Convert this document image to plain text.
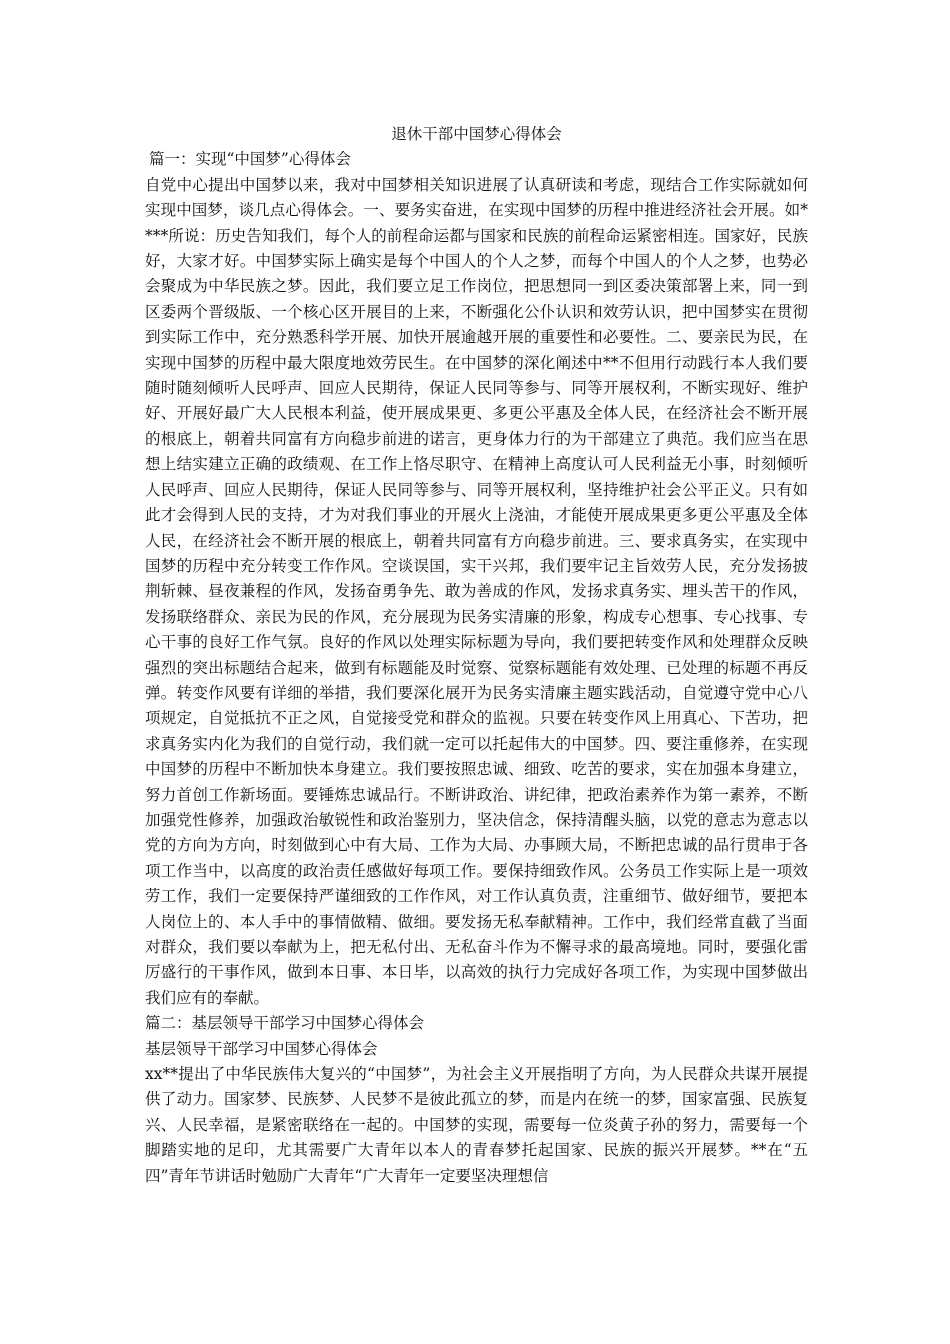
退休干部中国梦心得体会
篇一：实现“中国梦”心得体会

自党中心提出中国梦以来，我对中国梦相关知识进展了认真研读和考虑，现结合工作实际就如何实现中国梦，谈几点心得体会。一、要务实奋进，在实现中国梦的历程中推进经济社会开展。如****所说：历史告知我们，每个人的前程命运都与国家和民族的前程命运紧密相连。国家好，民族好，大家才好。中国梦实际上确实是每个中国人的个人之梦，而每个中国人的个人之梦，也势必会聚成为中华民族之梦。因此，我们要立足工作岗位，把思想同一到区委决策部署上来，同一到区委两个晋级版、一个核心区开展目的上来，不断强化公仆认识和效劳认识，把中国梦实在贯彻到实际工作中，充分熟悉科学开展、加快开展逾越开展的重要性和必要性。二、要亲民为民，在实现中国梦的历程中最大限度地效劳民生。在中国梦的深化阐述中**不但用行动践行本人我们要随时随刻倾听人民呼声、回应人民期待，保证人民同等参与、同等开展权利，不断实现好、维护好、开展好最广大人民根本利益，使开展成果更、多更公平惠及全体人民，在经济社会不断开展的根底上，朝着共同富有方向稳步前进的诺言，更身体力行的为干部建立了典范。我们应当在思想上结实建立正确的政绩观、在工作上恪尽职守、在精神上高度认可人民利益无小事，时刻倾听人民呼声、回应人民期待，保证人民同等参与、同等开展权利，坚持维护社会公平正义。只有如此才会得到人民的支持，才为对我们事业的开展火上浇油，才能使开展成果更多更公平惠及全体人民，在经济社会不断开展的根底上，朝着共同富有方向稳步前进。三、要求真务实，在实现中国梦的历程中充分转变工作作风。空谈误国，实干兴邦，我们要牢记主旨效劳人民，充分发扬披荆斩棘、昼夜兼程的作风，发扬奋勇争先、敢为善成的作风，发扬求真务实、埋头苦干的作风，发扬联络群众、亲民为民的作风，充分展现为民务实清廉的形象，构成专心想事、专心找事、专心干事的良好工作气氛。良好的作风以处理实际标题为导向，我们要把转变作风和处理群众反映强烈的突出标题结合起来，做到有标题能及时觉察、觉察标题能有效处理、已处理的标题不再反弹。转变作风要有详细的举措，我们要深化展开为民务实清廉主题实践活动，自觉遵守党中心八项规定，自觉抵抗不正之风，自觉接受党和群众的监视。只要在转变作风上用真心、下苦功，把求真务实内化为我们的自觉行动，我们就一定可以托起伟大的中国梦。四、要注重修养，在实现中国梦的历程中不断加快本身建立。我们要按照忠诚、细致、吃苦的要求，实在加强本身建立，努力首创工作新场面。要锤炼忠诚品行。不断讲政治、讲纪律，把政治素养作为第一素养，不断加强党性修养，加强政治敏锐性和政治鉴别力，坚决信念，保持清醒头脑，以党的意志为意志以党的方向为方向，时刻做到心中有大局、工作为大局、办事顾大局，不断把忠诚的品行贯串于各项工作当中，以高度的政治责任感做好每项工作。要保持细致作风。公务员工作实际上是一项效劳工作，我们一定要保持严谨细致的工作作风，对工作认真负责，注重细节、做好细节，要把本人岗位上的、本人手中的事情做精、做细。要发扬无私奉献精神。工作中，我们经常直截了当面对群众，我们要以奉献为上，把无私付出、无私奋斗作为不懈寻求的最高境地。同时，要强化雷厉盛行的干事作风，做到本日事、本日毕，以高效的执行力完成好各项工作，为实现中国梦做出我们应有的奉献。

篇二：基层领导干部学习中国梦心得体会
基层领导干部学习中国梦心得体会

xx**提出了中华民族伟大复兴的“中国梦”，为社会主义开展指明了方向，为人民群众共谋开展提供了动力。国家梦、民族梦、人民梦不是彼此孤立的梦，而是内在统一的梦，国家富强、民族复兴、人民幸福，是紧密联络在一起的。中国梦的实现，需要每一位炎黄子孙的努力，需要每一个脚踏实地的足印，尤其需要广大青年以本人的青春梦托起国家、民族的振兴开展梦。**在“五四”青年节讲话时勉励广大青年“广大青年一定要坚决理想信
